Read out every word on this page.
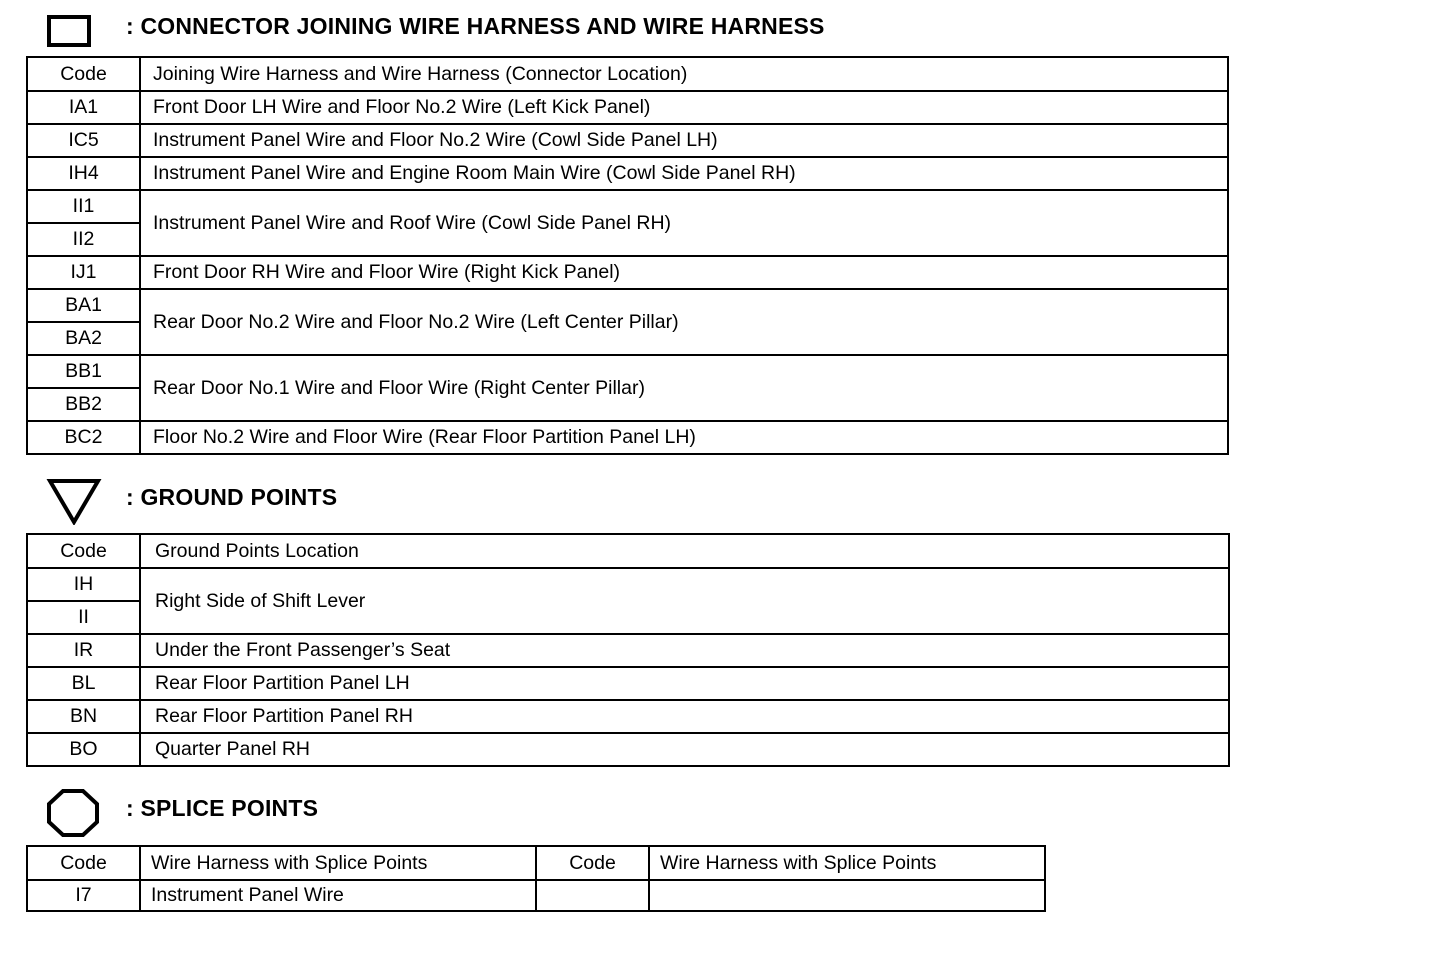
: CONNECTOR JOINING WIRE HARNESS AND WIRE HARNESS
Code	Joining Wire Harness and Wire Harness (Connector Location)
IA1	Front Door LH Wire and Floor No.2 Wire (Left Kick Panel)
IC5	Instrument Panel Wire and Floor No.2 Wire (Cowl Side Panel LH)
IH4	Instrument Panel Wire and Engine Room Main Wire (Cowl Side Panel RH)
II1	Instrument Panel Wire and Roof Wire (Cowl Side Panel RH)
II2	
IJ1	Front Door RH Wire and Floor Wire (Right Kick Panel)
BA1	Rear Door No.2 Wire and Floor No.2 Wire (Left Center Pillar)
BA2	
BB1	Rear Door No.1 Wire and Floor Wire (Right Center Pillar)
BB2	
BC2	Floor No.2 Wire and Floor Wire (Rear Floor Partition Panel LH)
: GROUND POINTS
Code	Ground Points Location
IH	Right Side of Shift Lever
II	
IR	Under the Front Passenger’s Seat
BL	Rear Floor Partition Panel LH
BN	Rear Floor Partition Panel RH
BO	Quarter Panel RH
: SPLICE POINTS
Code	Wire Harness with Splice Points	Code	Wire Harness with Splice Points
I7	Instrument Panel Wire		
